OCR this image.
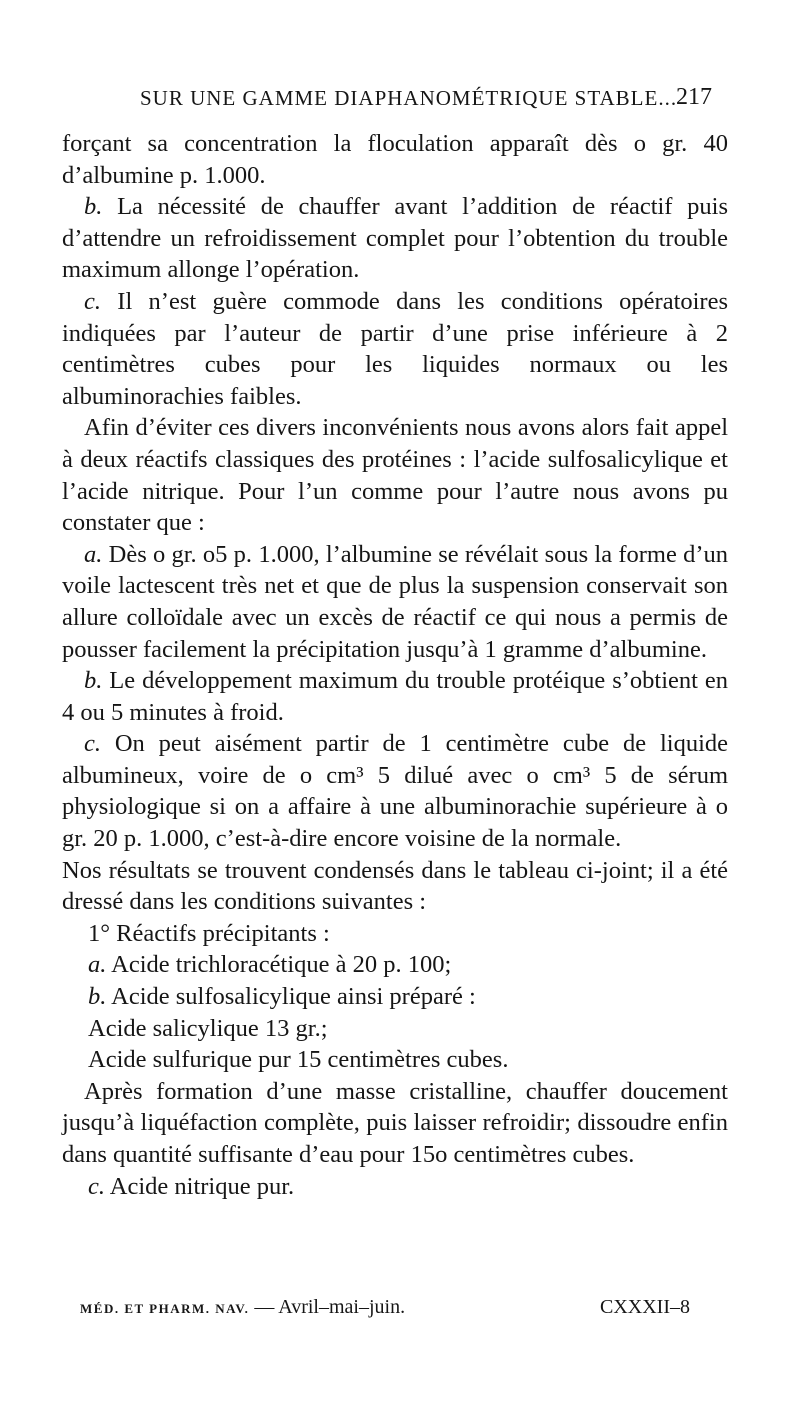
SUR UNE GAMME DIAPHANOMÉTRIQUE STABLE...
217

forçant sa concentration la floculation apparaît dès o gr. 40 d’albumine p. 1.000.

b. La nécessité de chauffer avant l’addition de réactif puis d’attendre un refroidissement complet pour l’obtention du trouble maximum allonge l’opération.

c. Il n’est guère commode dans les conditions opératoires indiquées par l’auteur de partir d’une prise inférieure à 2 centimètres cubes pour les liquides normaux ou les albuminorachies faibles.

Afin d’éviter ces divers inconvénients nous avons alors fait appel à deux réactifs classiques des protéines : l’acide sulfosalicylique et l’acide nitrique. Pour l’un comme pour l’autre nous avons pu constater que :

a. Dès o gr. o5 p. 1.000, l’albumine se révélait sous la forme d’un voile lactescent très net et que de plus la suspension conservait son allure colloïdale avec un excès de réactif ce qui nous a permis de pousser facilement la précipitation jusqu’à 1 gramme d’albumine.

b. Le développement maximum du trouble protéique s’obtient en 4 ou 5 minutes à froid.

c. On peut aisément partir de 1 centimètre cube de liquide albumineux, voire de o cm³ 5 dilué avec o cm³ 5 de sérum physiologique si on a affaire à une albuminorachie supérieure à o gr. 20 p. 1.000, c’est-à-dire encore voisine de la normale.

Nos résultats se trouvent condensés dans le tableau ci-joint; il a été dressé dans les conditions suivantes :

1° Réactifs précipitants :

a. Acide trichloracétique à 20 p. 100;

b. Acide sulfosalicylique ainsi préparé :

Acide salicylique 13 gr.;

Acide sulfurique pur 15 centimètres cubes.

Après formation d’une masse cristalline, chauffer doucement jusqu’à liquéfaction complète, puis laisser refroidir; dissoudre enfin dans quantité suffisante d’eau pour 15o centimètres cubes.

c. Acide nitrique pur.

MÉD. ET PHARM. NAV. — Avril–mai–juin.	CXXXII–8
